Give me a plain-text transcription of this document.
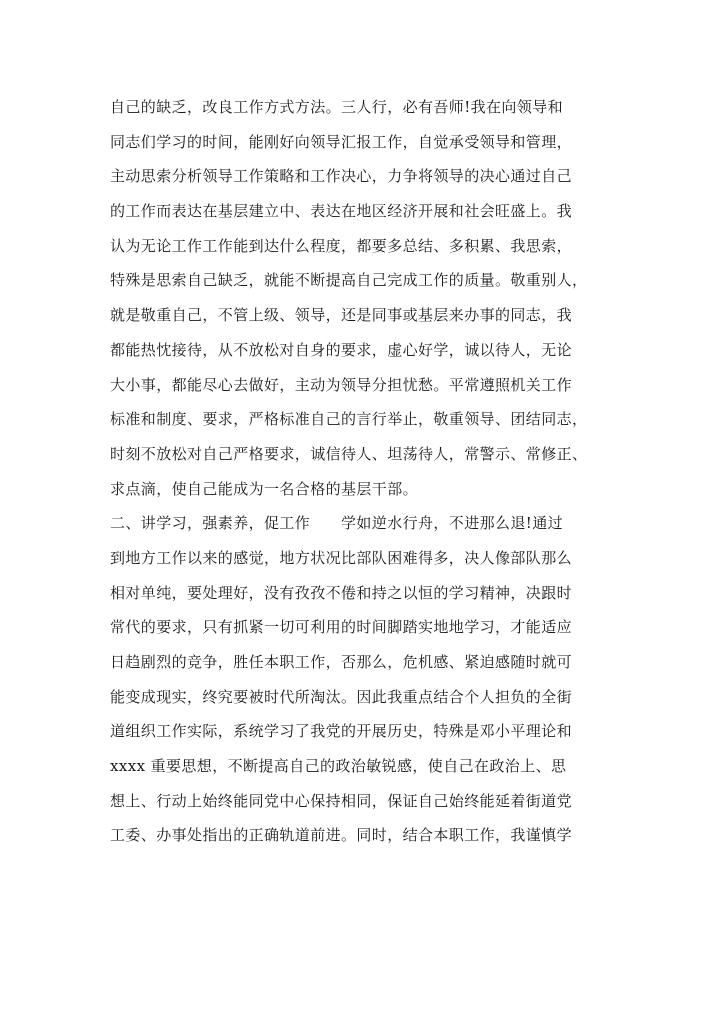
自己的缺乏，改良工作方式方法。三人行，必有吾师!我在向领导和
同志们学习的时间，能刚好向领导汇报工作，自觉承受领导和管理，
主动思索分析领导工作策略和工作决心，力争将领导的决心通过自己
的工作而表达在基层建立中、表达在地区经济开展和社会旺盛上。我
认为无论工作工作能到达什么程度，都要多总结、多积累、我思索，
特殊是思索自己缺乏，就能不断提高自己完成工作的质量。敬重别人，
就是敬重自己，不管上级、领导，还是同事或基层来办事的同志，我
都能热忱接待，从不放松对自身的要求，虚心好学，诚以待人，无论
大小事，都能尽心去做好，主动为领导分担忧愁。平常遵照机关工作
标准和制度、要求，严格标准自己的言行举止，敬重领导、团结同志，
时刻不放松对自己严格要求，诚信待人、坦荡待人，常警示、常修正、
求点滴，使自己能成为一名合格的基层干部。
二、讲学习，强素养，促工作　　学如逆水行舟，不进那么退!通过
到地方工作以来的感觉，地方状况比部队困难得多，决人像部队那么
相对单纯，要处理好，没有孜孜不倦和持之以恒的学习精神，决跟时
常代的要求，只有抓紧一切可利用的时间脚踏实地地学习，才能适应
日趋剧烈的竞争，胜任本职工作，否那么，危机感、紧迫感随时就可
能变成现实，终究要被时代所淘汰。因此我重点结合个人担负的全街
道组织工作实际，系统学习了我党的开展历史，特殊是邓小平理论和
xxxx 重要思想，不断提高自己的政治敏锐感，使自己在政治上、思
想上、行动上始终能同党中心保持相同，保证自己始终能延着街道党
工委、办事处指出的正确轨道前进。同时，结合本职工作，我谨慎学
